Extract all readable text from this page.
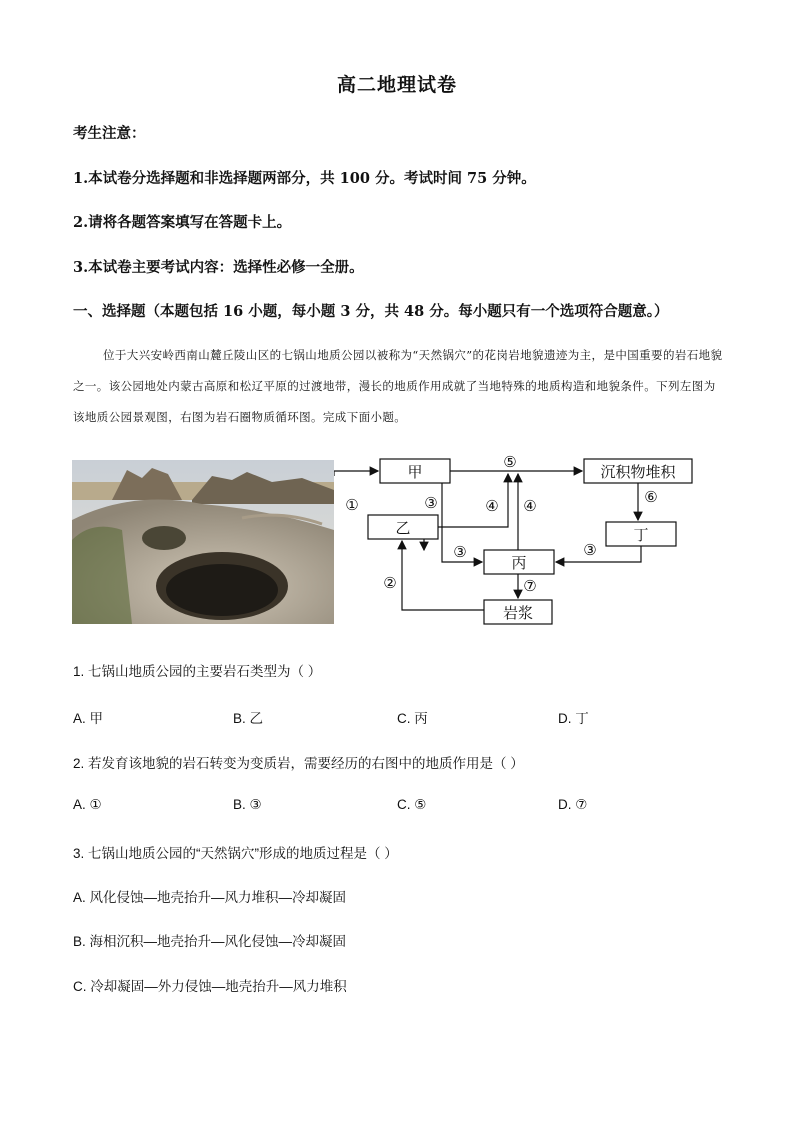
高二地理试卷
考生注意：
1.本试卷分选择题和非选择题两部分，共 100 分。考试时间 75 分钟。
2.请将各题答案填写在答题卡上。
3.本试卷主要考试内容：选择性必修一全册。
一、选择题（本题包括 16 小题，每小题 3 分，共 48 分。每小题只有一个选项符合题意。）
位于大兴安岭西南山麓丘陵山区的七锅山地质公园以被称为“天然锅穴”的花岗岩地貌遗迹为主，是中国重要的岩石地貌之一。该公园地处内蒙古高原和松辽平原的过渡地带，漫长的地质作用成就了当地特殊的地质构造和地貌条件。下列左图为该地质公园景观图，右图为岩石圈物质循环图。完成下面小题。
甲
乙
丙
沉积物堆积
丁
岩浆
①
②
③
③	③
④ ④
⑤
⑥
⑦
1. 七锅山地质公园的主要岩石类型为（ ）
A. 甲	B. 乙	C. 丙	D. 丁
2. 若发育该地貌的岩石转变为变质岩，需要经历的右图中的地质作用是（ ）
A. ①	B. ③	C. ⑤	D. ⑦
3. 七锅山地质公园的“天然锅穴”形成的地质过程是（ ）
A. 风化侵蚀—地壳抬升—风力堆积—冷却凝固
B. 海相沉积—地壳抬升—风化侵蚀—冷却凝固
C. 冷却凝固—外力侵蚀—地壳抬升—风力堆积
